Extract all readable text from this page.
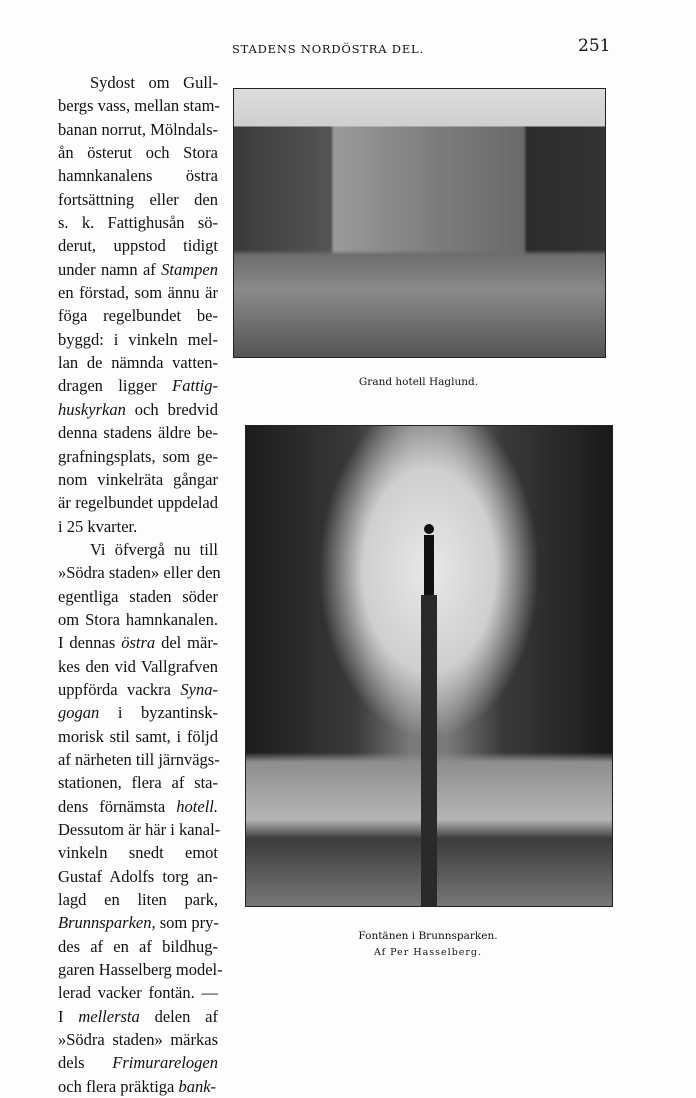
STADENS NORDÖSTRA DEL.	251
Sydost om Gull-
bergs vass, mellan stam-
banan norrut, Mölndals-
ån österut och Stora
hamnkanalens östra
fortsättning eller den
s. k. Fattighusån sö-
derut, uppstod tidigt
under namn af Stampen
en förstad, som ännu är
föga regelbundet be-
byggd: i vinkeln mel-
lan de nämnda vatten-
dragen ligger Fattig-
huskyrkan och bredvid
denna stadens äldre be-
grafningsplats, som ge-
nom vinkelräta gångar
är regelbundet uppdelad
i 25 kvarter.
Vi öfvergå nu till
»Södra staden» eller den
egentliga staden söder
om Stora hamnkanalen.
I dennas östra del mär-
kes den vid Vallgrafven
uppförda vackra Syna-
gogan i byzantinsk-
morisk stil samt, i följd
af närheten till järnvägs-
stationen, flera af sta-
dens förnämsta hotell.
Dessutom är här i kanal-
vinkeln snedt emot
Gustaf Adolfs torg an-
lagd en liten park,
Brunnsparken, som pry-
des af en af bildhug-
garen Hasselberg model-
lerad vacker fontän. —
I mellersta delen af
»Södra staden» märkas
dels Frimurarelogen
och flera präktiga bank-
Grand hotell Haglund.
Fontänen i Brunnsparken.
Af Per Hasselberg.
